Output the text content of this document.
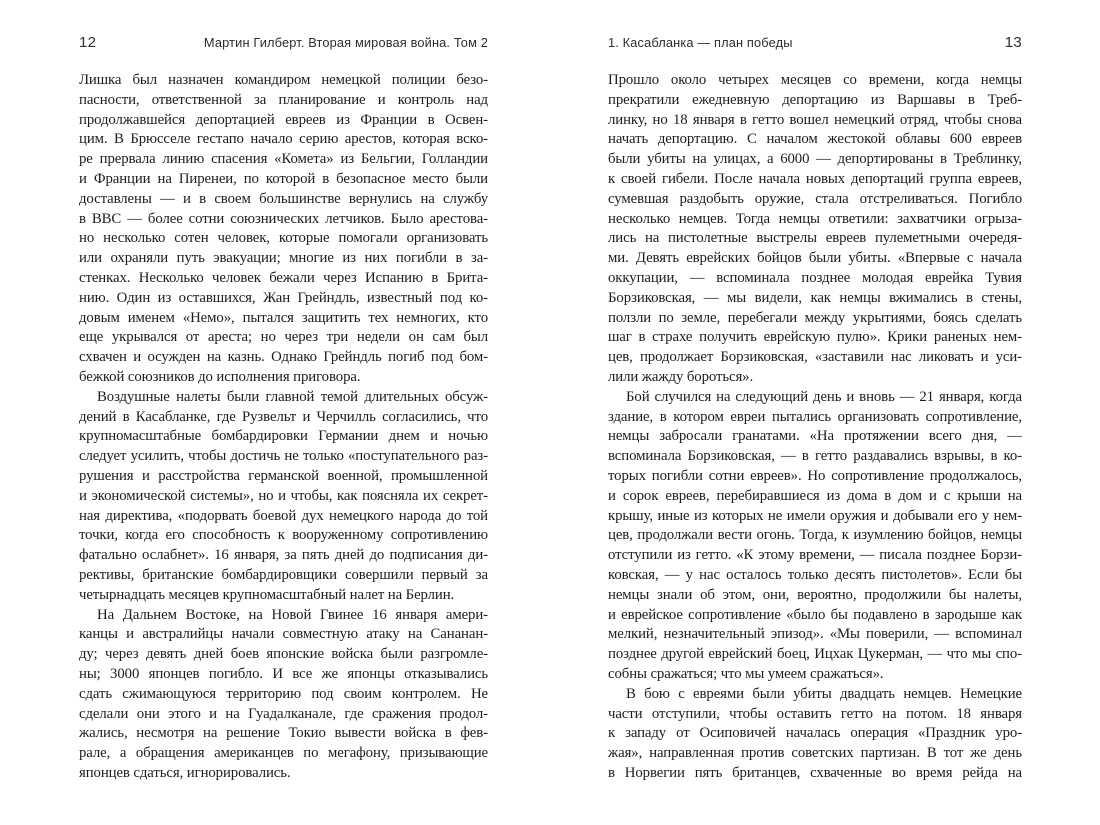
12	Мартин Гилберт. Вторая мировая война. Том 2
Лишка был назначен командиром немецкой полиции безо-
пасности, ответственной за планирование и контроль над
продолжавшейся депортацией евреев из Франции в Освен-
цим. В Брюсселе гестапо начало серию арестов, которая вско-
ре прервала линию спасения «Комета» из Бельгии, Голландии
и Франции на Пиренеи, по которой в безопасное место были
доставлены — и в своем большинстве вернулись на службу
в ВВС — более сотни союзнических летчиков. Было арестова-
но несколько сотен человек, которые помогали организовать
или охраняли путь эвакуации; многие из них погибли в за-
стенках. Несколько человек бежали через Испанию в Брита-
нию. Один из оставшихся, Жан Грейндль, известный под ко-
довым именем «Немо», пытался защитить тех немногих, кто
еще укрывался от ареста; но через три недели он сам был
схвачен и осужден на казнь. Однако Грейндль погиб под бом-
бежкой союзников до исполнения приговора.
Воздушные налеты были главной темой длительных обсуж-
дений в Касабланке, где Рузвельт и Черчилль согласились, что
крупномасштабные бомбардировки Германии днем и ночью
следует усилить, чтобы достичь не только «поступательного раз-
рушения и расстройства германской военной, промышленной
и экономической системы», но и чтобы, как поясняла их секрет-
ная директива, «подорвать боевой дух немецкого народа до той
точки, когда его способность к вооруженному сопротивлению
фатально ослабнет». 16 января, за пять дней до подписания ди-
рективы, британские бомбардировщики совершили первый за
четырнадцать месяцев крупномасштабный налет на Берлин.
На Дальнем Востоке, на Новой Гвинее 16 января амери-
канцы и австралийцы начали совместную атаку на Сананан-
ду; через девять дней боев японские войска были разгромле-
ны; 3000 японцев погибло. И все же японцы отказывались
сдать сжимающуюся территорию под своим контролем. Не
сделали они этого и на Гуадалканале, где сражения продол-
жались, несмотря на решение Токио вывести войска в фев-
рале, а обращения американцев по мегафону, призывающие
японцев сдаться, игнорировались.
1. Касабланка — план победы	13
Прошло около четырех месяцев со времени, когда немцы
прекратили ежедневную депортацию из Варшавы в Треб-
линку, но 18 января в гетто вошел немецкий отряд, чтобы снова
начать депортацию. С началом жестокой облавы 600 евреев
были убиты на улицах, а 6000 — депортированы в Треблинку,
к своей гибели. После начала новых депортаций группа евреев,
сумевшая раздобыть оружие, стала отстреливаться. Погибло
несколько немцев. Тогда немцы ответили: захватчики огрыза-
лись на пистолетные выстрелы евреев пулеметными очередя-
ми. Девять еврейских бойцов были убиты. «Впервые с начала
оккупации, — вспоминала позднее молодая еврейка Тувия
Борзиковская, — мы видели, как немцы вжимались в стены,
ползли по земле, перебегали между укрытиями, боясь сделать
шаг в страхе получить еврейскую пулю». Крики раненых нем-
цев, продолжает Борзиковская, «заставили нас ликовать и уси-
лили жажду бороться».
Бой случился на следующий день и вновь — 21 января, когда
здание, в котором евреи пытались организовать сопротивление,
немцы забросали гранатами. «На протяжении всего дня, —
вспоминала Борзиковская, — в гетто раздавались взрывы, в ко-
торых погибли сотни евреев». Но сопротивление продолжалось,
и сорок евреев, перебиравшиеся из дома в дом и с крыши на
крышу, иные из которых не имели оружия и добывали его у нем-
цев, продолжали вести огонь. Тогда, к изумлению бойцов, немцы
отступили из гетто. «К этому времени, — писала позднее Борзи-
ковская, — у нас осталось только десять пистолетов». Если бы
немцы знали об этом, они, вероятно, продолжили бы налеты,
и еврейское сопротивление «было бы подавлено в зародыше как
мелкий, незначительный эпизод». «Мы поверили, — вспоминал
позднее другой еврейский боец, Ицхак Цукерман, — что мы спо-
собны сражаться; что мы умеем сражаться».
В бою с евреями были убиты двадцать немцев. Немецкие
части отступили, чтобы оставить гетто на потом. 18 января
к западу от Осиповичей началась операция «Праздник уро-
жая», направленная против советских партизан. В тот же день
в Норвегии пять британцев, схваченные во время рейда на
